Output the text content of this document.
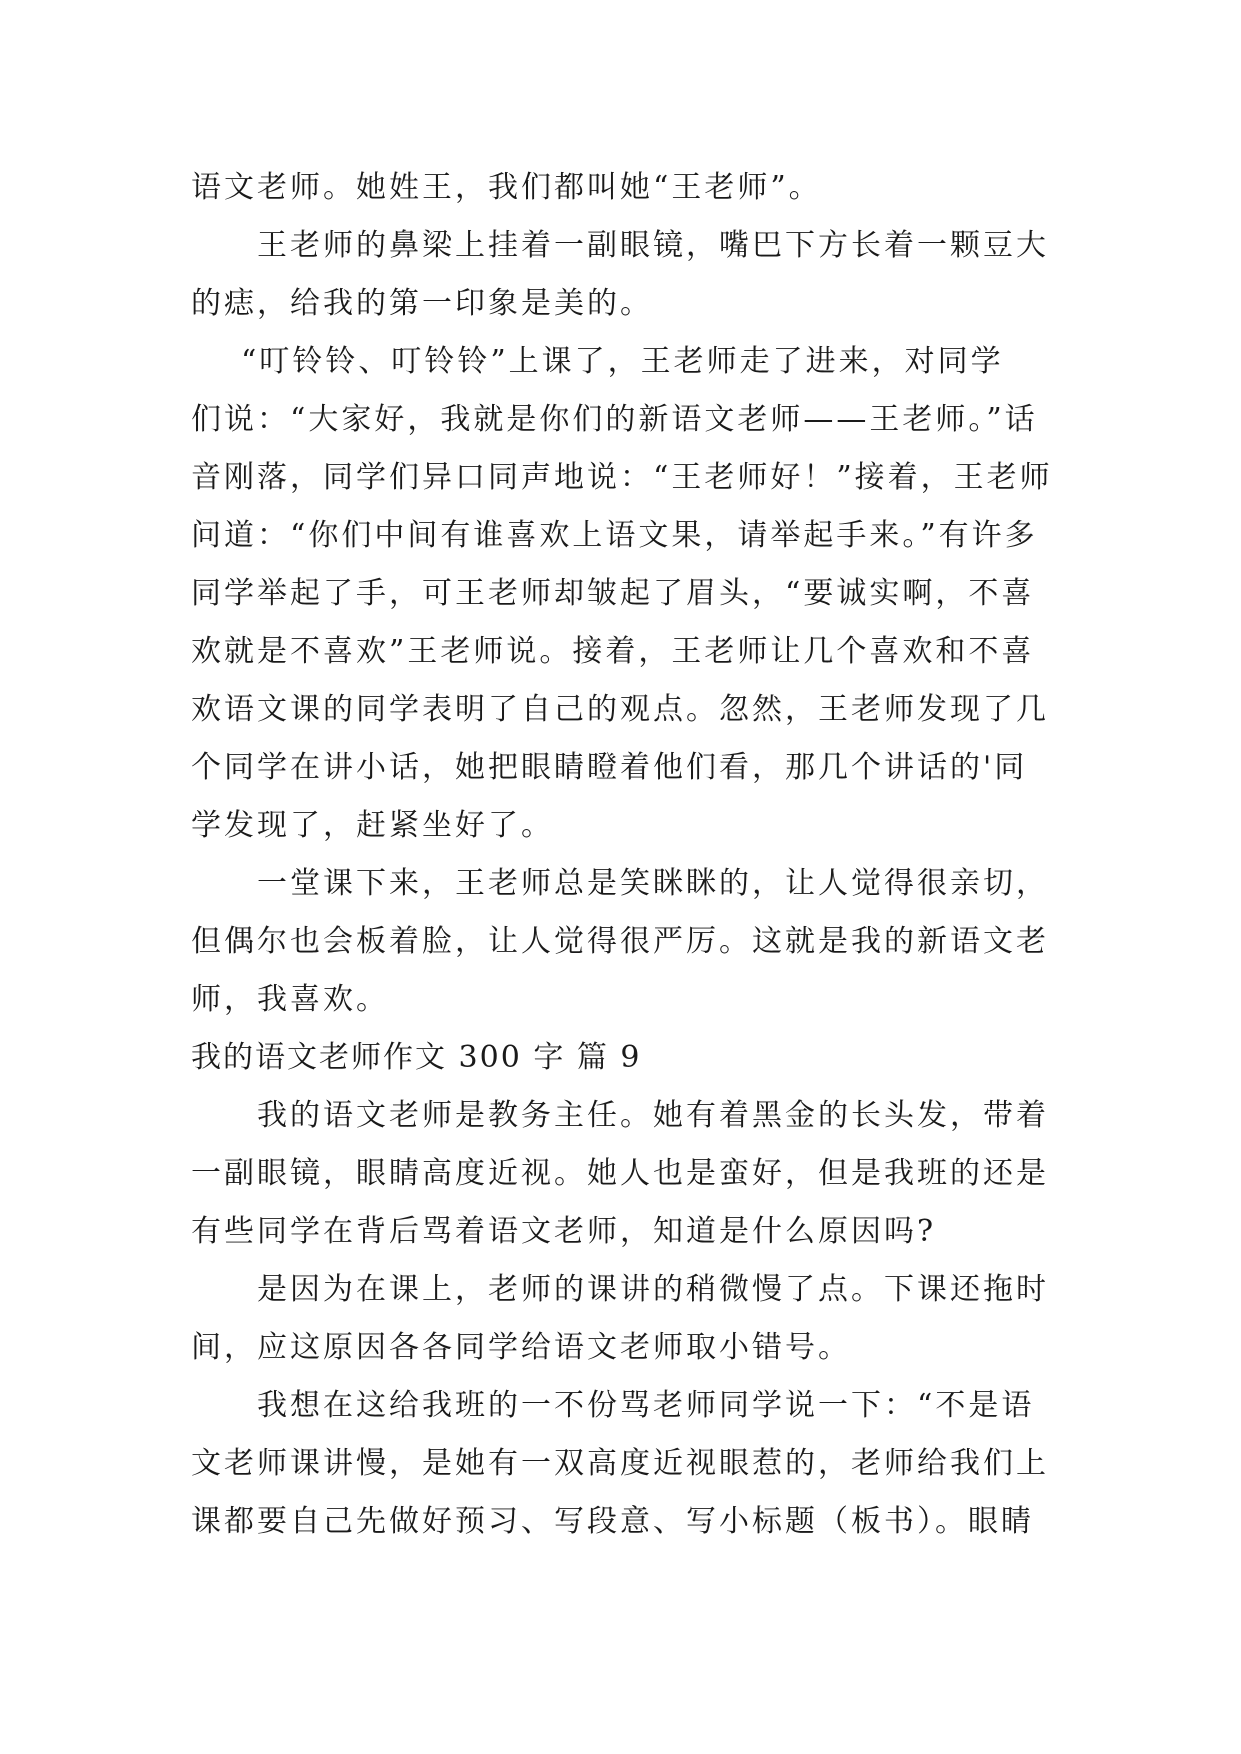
语文老师。她姓王，我们都叫她“王老师”。
王老师的鼻梁上挂着一副眼镜，嘴巴下方长着一颗豆大
的痣，给我的第一印象是美的。
“叮铃铃、叮铃铃”上课了，王老师走了进来，对同学
们说：“大家好，我就是你们的新语文老师——王老师。”话
音刚落，同学们异口同声地说：“王老师好！”接着，王老师
问道：“你们中间有谁喜欢上语文果，请举起手来。”有许多
同学举起了手，可王老师却皱起了眉头，“要诚实啊，不喜
欢就是不喜欢”王老师说。接着，王老师让几个喜欢和不喜
欢语文课的同学表明了自己的观点。忽然，王老师发现了几
个同学在讲小话，她把眼睛瞪着他们看，那几个讲话的'同
学发现了，赶紧坐好了。
一堂课下来，王老师总是笑眯眯的，让人觉得很亲切，
但偶尔也会板着脸，让人觉得很严厉。这就是我的新语文老
师，我喜欢。
我的语文老师作文 300 字 篇 9
我的语文老师是教务主任。她有着黑金的长头发，带着
一副眼镜，眼睛高度近视。她人也是蛮好，但是我班的还是
有些同学在背后骂着语文老师，知道是什么原因吗?
是因为在课上，老师的课讲的稍微慢了点。下课还拖时
间，应这原因各各同学给语文老师取小错号。
我想在这给我班的一不份骂老师同学说一下：“不是语
文老师课讲慢，是她有一双高度近视眼惹的，老师给我们上
课都要自己先做好预习、写段意、写小标题（板书）。眼睛
